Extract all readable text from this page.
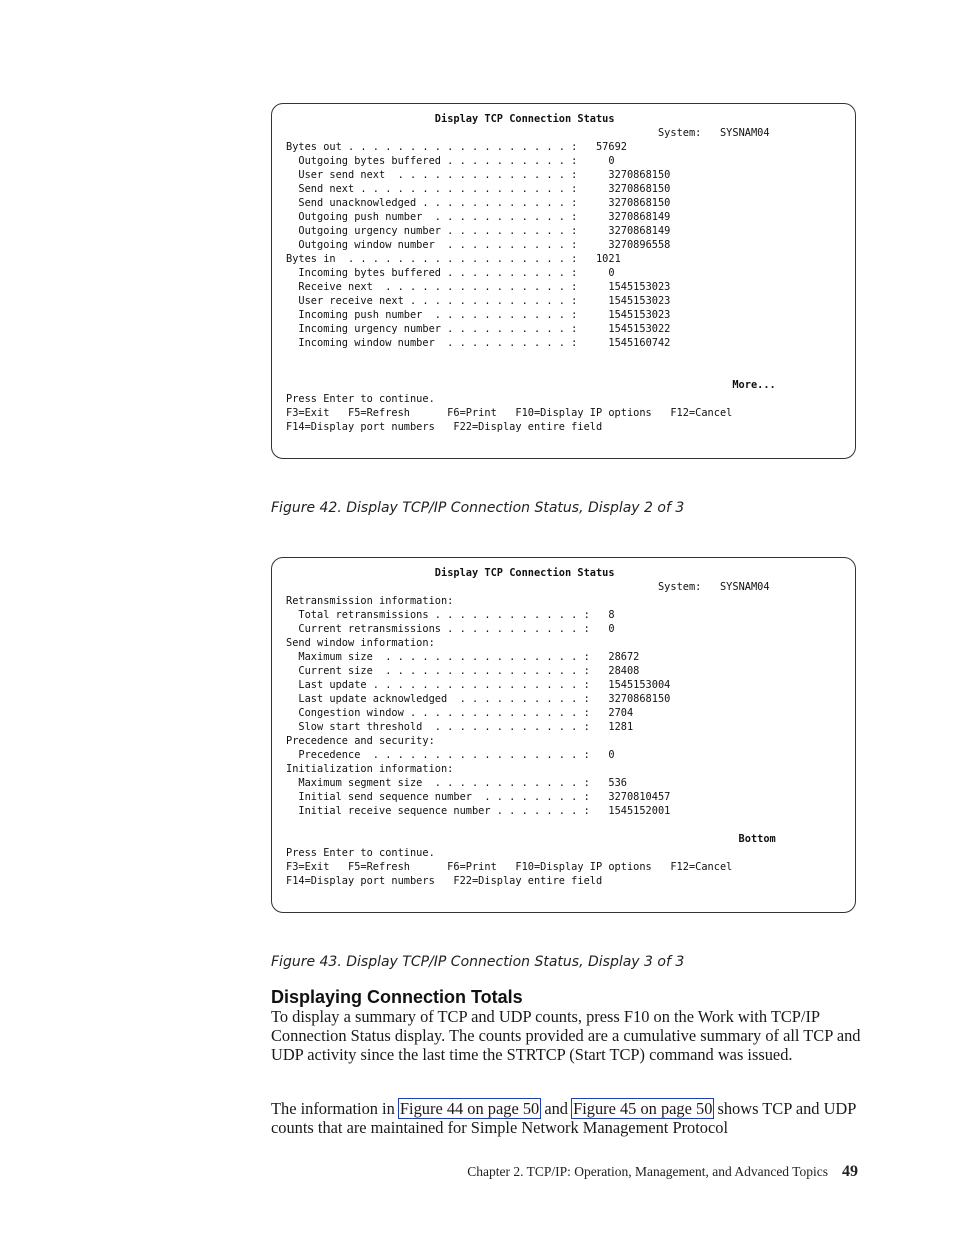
Display TCP Connection Status
System:   SYSNAM04
Bytes out . . . . . . . . . . . . . . . . . . :   57692
Outgoing bytes buffered . . . . . . . . . . :     0
User send next  . . . . . . . . . . . . . . :     3270868150
Send next . . . . . . . . . . . . . . . . . :     3270868150
Send unacknowledged . . . . . . . . . . . . :     3270868150
Outgoing push number  . . . . . . . . . . . :     3270868149
Outgoing urgency number . . . . . . . . . . :     3270868149
Outgoing window number  . . . . . . . . . . :     3270896558
Bytes in  . . . . . . . . . . . . . . . . . . :   1021
Incoming bytes buffered . . . . . . . . . . :     0
Receive next  . . . . . . . . . . . . . . . :     1545153023
User receive next . . . . . . . . . . . . . :     1545153023
Incoming push number  . . . . . . . . . . . :     1545153023
Incoming urgency number . . . . . . . . . . :     1545153022
Incoming window number  . . . . . . . . . . :     1545160742

More...
Press Enter to continue.
F3=Exit   F5=Refresh      F6=Print   F10=Display IP options   F12=Cancel
F14=Display port numbers   F22=Display entire field
Figure 42. Display TCP/IP Connection Status, Display 2 of 3
Display TCP Connection Status
System:   SYSNAM04
Retransmission information:
Total retransmissions . . . . . . . . . . . . :   8
Current retransmissions . . . . . . . . . . . :   0
Send window information:
Maximum size  . . . . . . . . . . . . . . . . :   28672
Current size  . . . . . . . . . . . . . . . . :   28408
Last update . . . . . . . . . . . . . . . . . :   1545153004
Last update acknowledged  . . . . . . . . . . :   3270868150
Congestion window . . . . . . . . . . . . . . :   2704
Slow start threshold  . . . . . . . . . . . . :   1281
Precedence and security:
Precedence  . . . . . . . . . . . . . . . . . :   0
Initialization information:
Maximum segment size  . . . . . . . . . . . . :   536
Initial send sequence number  . . . . . . . . :   3270810457
Initial receive sequence number . . . . . . . :   1545152001

Bottom
Press Enter to continue.
F3=Exit   F5=Refresh      F6=Print   F10=Display IP options   F12=Cancel
F14=Display port numbers   F22=Display entire field
Figure 43. Display TCP/IP Connection Status, Display 3 of 3
Displaying Connection Totals

To display a summary of TCP and UDP counts, press F10 on the Work with TCP/IP Connection Status display. The counts provided are a cumulative summary of all TCP and UDP activity since the last time the STRTCP (Start TCP) command was issued.

The information in Figure 44 on page 50 and Figure 45 on page 50 shows TCP and UDP counts that are maintained for Simple Network Management Protocol

Chapter 2. TCP/IP: Operation, Management, and Advanced Topics 49
